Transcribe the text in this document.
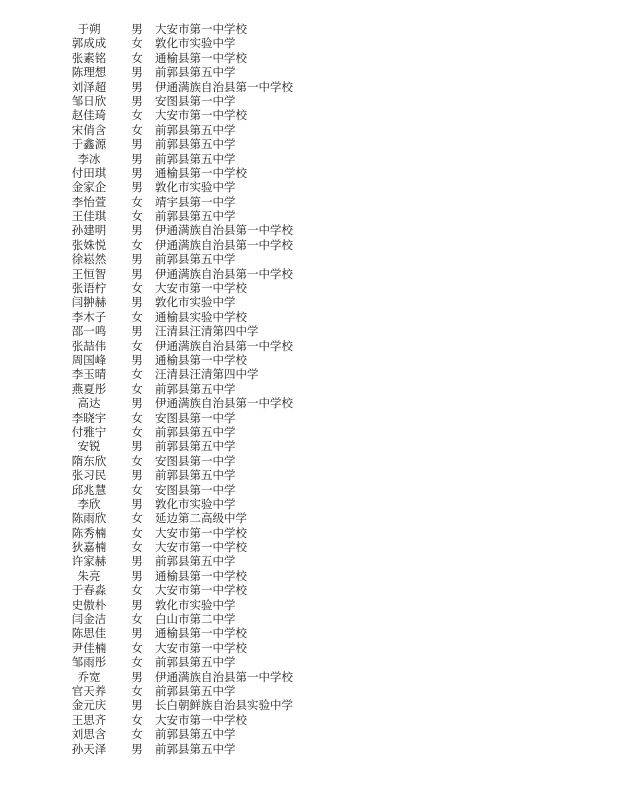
于朔	男 大安市第一中学校
郭成成 女 敦化市实验中学
张素铭 女 通榆县第一中学校
陈理想 男 前郭县第五中学
刘泽超 男 伊通满族自治县第一中学校
邹日欣 男 安图县第一中学
赵佳琦 女 大安市第一中学校
宋俏含 女 前郭县第五中学
于鑫源 男 前郭县第五中学
李冰	男 前郭县第五中学
付田琪 男 通榆县第一中学校
金家企 男 敦化市实验中学
李怡萱 女 靖宇县第一中学
王佳琪 女 前郭县第五中学
孙建明 男 伊通满族自治县第一中学校
张姝悦 女 伊通满族自治县第一中学校
徐崧然 男 前郭县第五中学
王恒智 男 伊通满族自治县第一中学校
张语柠 女 大安市第一中学校
闫翀赫 男 敦化市实验中学
李木子 女 通榆县实验中学校
邵一鸣 男 汪清县汪清第四中学
张喆伟 女 伊通满族自治县第一中学校
周国峰 男 通榆县第一中学校
李玉晴 女 汪清县汪清第四中学
燕夏彤 女 前郭县第五中学
高达	男 伊通满族自治县第一中学校
李晓宇 女 安图县第一中学
付雅宁 女 前郭县第五中学
安锐	男 前郭县第五中学
隋东欣 女 安图县第一中学
张习民 男 前郭县第五中学
邱兆慧 女 安图县第一中学
李欣	男 敦化市实验中学
陈雨欣 女 延边第二高级中学
陈秀楠 女 大安市第一中学校
狄嘉楠 女 大安市第一中学校
许家赫 男 前郭县第五中学
朱亮	男 通榆县第一中学校
于春淼 女 大安市第一中学校
史傲朴 男 敦化市实验中学
闫金洁 女 白山市第二中学
陈思佳 男 通榆县第一中学校
尹佳楠 女 大安市第一中学校
邹雨彤 女 前郭县第五中学
乔宽	男 伊通满族自治县第一中学校
官天养 女 前郭县第五中学
金元庆 男 长白朝鲜族自治县实验中学
王思齐 女 大安市第一中学校
刘思含 女 前郭县第五中学
孙天泽 男 前郭县第五中学
